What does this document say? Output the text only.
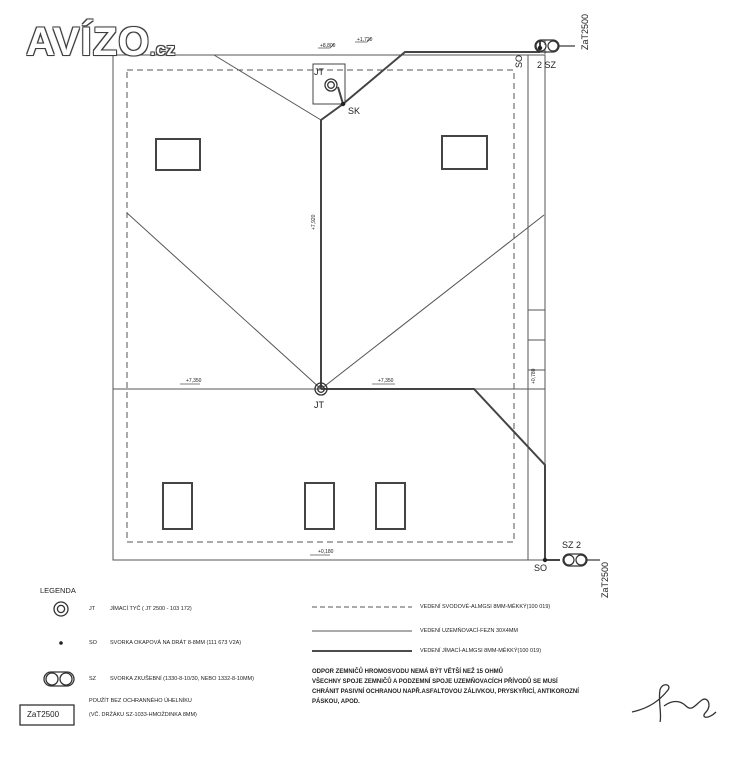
AVÍZO.cz
JT
JT
SK
2 SZ
SO
ZaT2500
SZ 2
SO	ZaT2500
+8,800
+1,720
+7,920
+7,350	+7,350	+0,780
+0,180
LEGENDA
JT	JÍMACÍ TYČ ( JT 2500 - 103 172)
SO SVORKA OKAPOVÁ NA DRÁT 8-8MM (111 673 V2A)
SZ	SVORKA ZKUŠEBNÍ (1330-8-10/30, NEBO 1332-8-10MM)
ZaT2500
POUŽÍT BEZ OCHRANNÉHO ÚHELNÍKU
(VČ. DRŽÁKU SZ-1033-HMOŽDINKA 8MM)
VEDENÍ SVODOVÉ-ALMGSI 8MM-MĚKKÝ(100 019)
VEDENÍ UZEMŇOVACÍ-FEZN 30X4MM
VEDENÍ JÍMACÍ-ALMGSI 8MM-MĚKKÝ(100 019)
ODPOR ZEMNIČŮ HROMOSVODU NEMÁ BÝT VĚTŠÍ NEŽ 15 OHMŮ
VŠECHNY SPOJE ZEMNIČŮ A PODZEMNÍ SPOJE UZEMŇOVACÍCH PŘÍVODŮ SE MUSÍ
CHRÁNIT PASIVNÍ OCHRANOU NAPŘ.ASFALTOVOU ZÁLIVKOU, PRYSKYŘICÍ, ANTIKOROZNÍ
PÁSKOU, APOD.
